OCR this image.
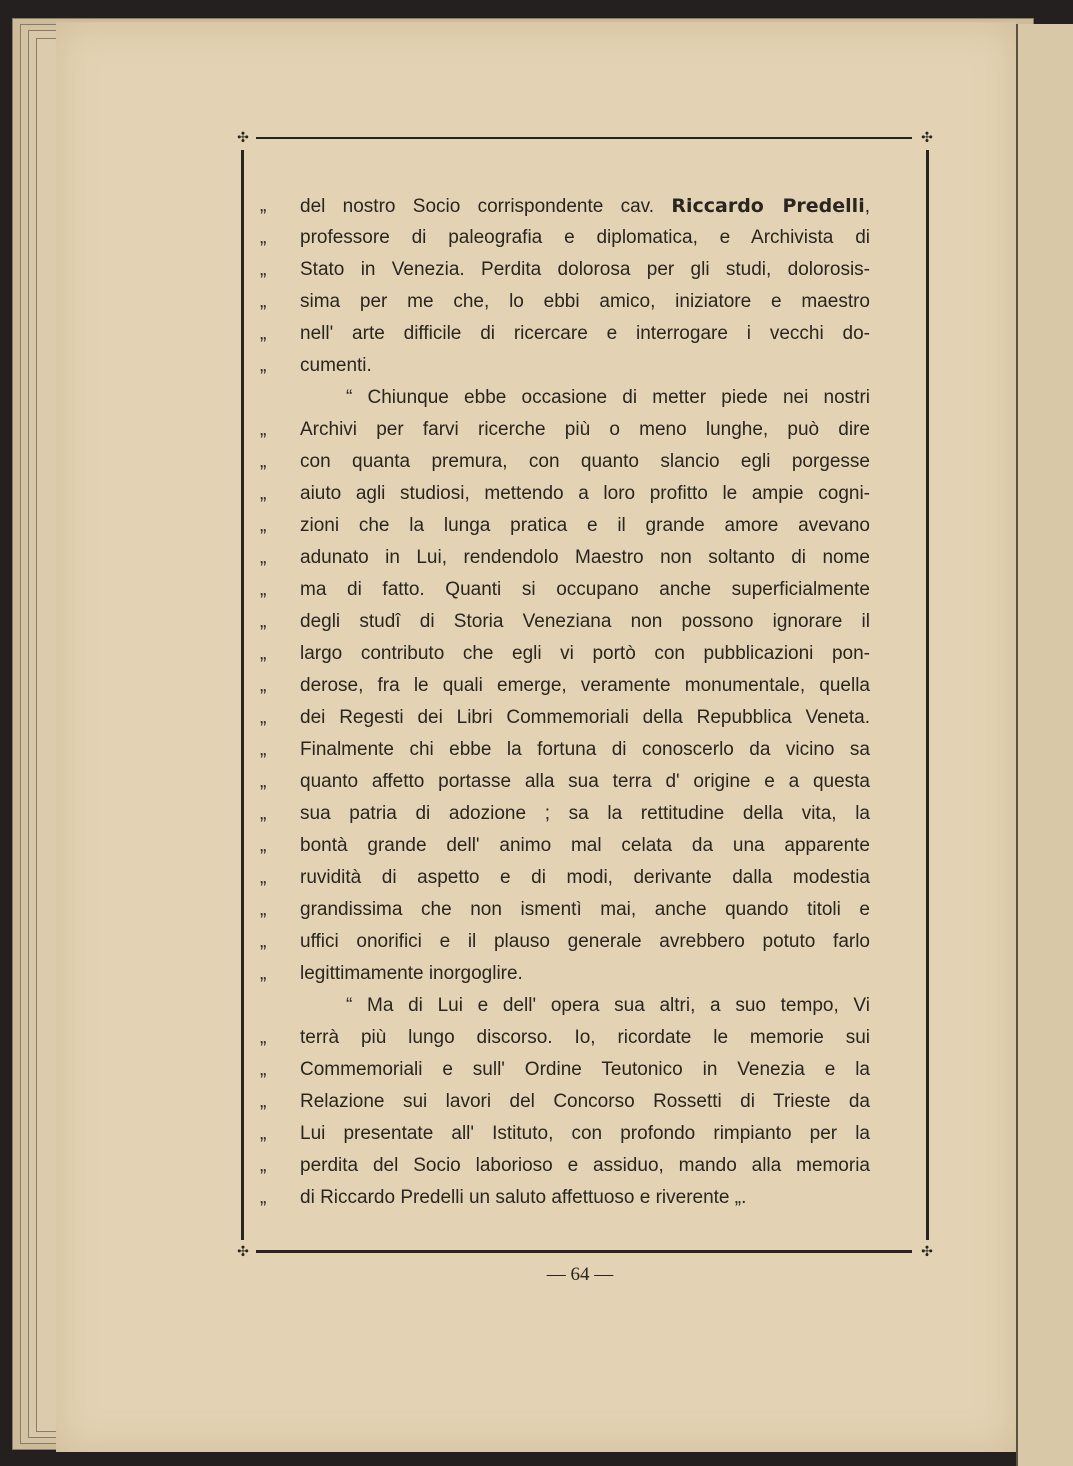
✣	✣
✣	✣
„	del nostro Socio corrispondente cav. Riccardo Predelli,
„	professore di paleografia e diplomatica, e Archivista di
„	Stato in Venezia. Perdita dolorosa per gli studi, dolorosis-
„	sima per me che, lo ebbi amico, iniziatore e maestro
„	nell' arte difficile di ricercare e interrogare i vecchi do-
„	cumenti.
“ Chiunque ebbe occasione di metter piede nei nostri
„	Archivi per farvi ricerche più o meno lunghe, può dire
„	con quanta premura, con quanto slancio egli porgesse
„	aiuto agli studiosi, mettendo a loro profitto le ampie cogni-
„	zioni che la lunga pratica e il grande amore avevano
„	adunato in Lui, rendendolo Maestro non soltanto di nome
„	ma di fatto. Quanti si occupano anche superficialmente
„	degli studî di Storia Veneziana non possono ignorare il
„	largo contributo che egli vi portò con pubblicazioni pon-
„	derose, fra le quali emerge, veramente monumentale, quella
„	dei Regesti dei Libri Commemoriali della Repubblica Veneta.
„	Finalmente chi ebbe la fortuna di conoscerlo da vicino sa
„	quanto affetto portasse alla sua terra d' origine e a questa
„	sua patria di adozione ; sa la rettitudine della vita, la
„	bontà grande dell' animo mal celata da una apparente
„	ruvidità di aspetto e di modi, derivante dalla modestia
„	grandissima che non ismentì mai, anche quando titoli e
„	uffici onorifici e il plauso generale avrebbero potuto farlo
„	legittimamente inorgoglire.
“ Ma di Lui e dell' opera sua altri, a suo tempo, Vi
„	terrà più lungo discorso. Io, ricordate le memorie sui
„	Commemoriali e sull' Ordine Teutonico in Venezia e la
„	Relazione sui lavori del Concorso Rossetti di Trieste da
„	Lui presentate all' Istituto, con profondo rimpianto per la
„	perdita del Socio laborioso e assiduo, mando alla memoria
„	di Riccardo Predelli un saluto affettuoso e riverente „.
— 64 —
